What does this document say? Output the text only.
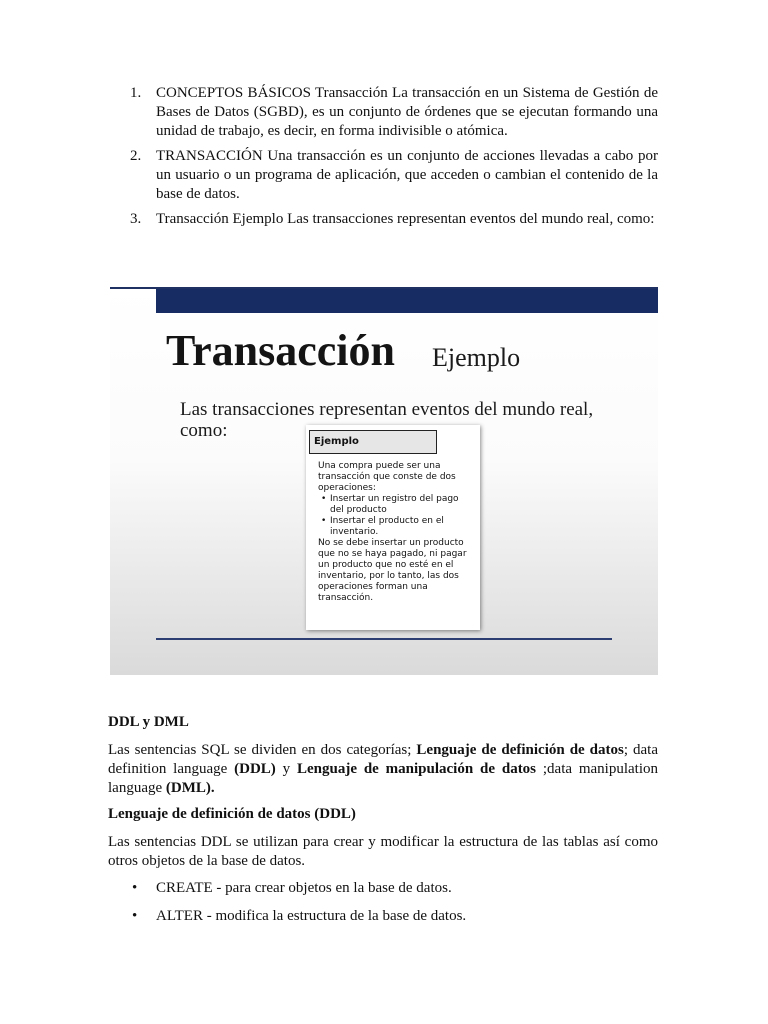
1. CONCEPTOS BÁSICOS Transacción La transacción en un Sistema de Gestión de Bases de Datos (SGBD), es un conjunto de órdenes que se ejecutan formando una unidad de trabajo, es decir, en forma indivisible o atómica.
2. TRANSACCIÓN Una transacción es un conjunto de acciones llevadas a cabo por un usuario o un programa de aplicación, que acceden o cambian el contenido de la base de datos.
3. Transacción Ejemplo Las transacciones representan eventos del mundo real, como:
Transacción Ejemplo
Las transacciones representan eventos del mundo real, como:
Ejemplo

Una compra puede ser una transacción que conste de dos operaciones:

• Insertar un registro del pago del producto
• Insertar el producto en el inventario.

No se debe insertar un producto que no se haya pagado, ni pagar un producto que no esté en el inventario, por lo tanto, las dos operaciones forman una transacción.

DDL y DML
Las sentencias SQL se dividen en dos categorías; Lenguaje de definición de datos; data definition language (DDL) y Lenguaje de manipulación de datos ;data manipulation language (DML).
Lenguaje de definición de datos (DDL)
Las sentencias DDL se utilizan para crear y modificar la estructura de las tablas así como otros objetos de la base de datos.
• CREATE - para crear objetos en la base de datos.
• ALTER - modifica la estructura de la base de datos.
